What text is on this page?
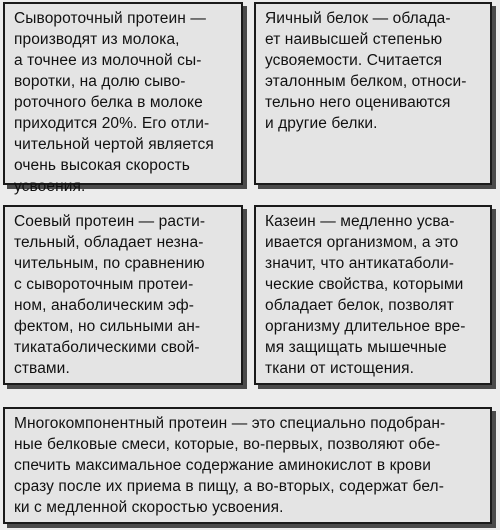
Сывороточный протеин —
производят из молока,
а точнее из молочной сы-
воротки, на долю сыво-
роточного белка в молоке
приходится 20%. Его отли-
чительной чертой является
очень высокая скорость
усвоения.

Яичный белок — облада-
ет наивысшей степенью
усвояемости. Считается
эталонным белком, относи-
тельно него оцениваются
и другие белки.

Соевый протеин — расти-
тельный, обладает незна-
чительным, по сравнению
с сывороточным протеи-
ном, анаболическим эф-
фектом, но сильными ан-
тикатаболическими свой-
ствами.

Казеин — медленно усва-
ивается организмом, а это
значит, что антикатаболи-
ческие свойства, которыми
обладает белок, позволят
организму длительное вре-
мя защищать мышечные
ткани от истощения.

Многокомпонентный протеин — это специально подобран-
ные белковые смеси, которые, во-первых, позволяют обе-
спечить максимальное содержание аминокислот в крови
сразу после их приема в пищу, а во-вторых, содержат бел-
ки с медленной скоростью усвоения.
